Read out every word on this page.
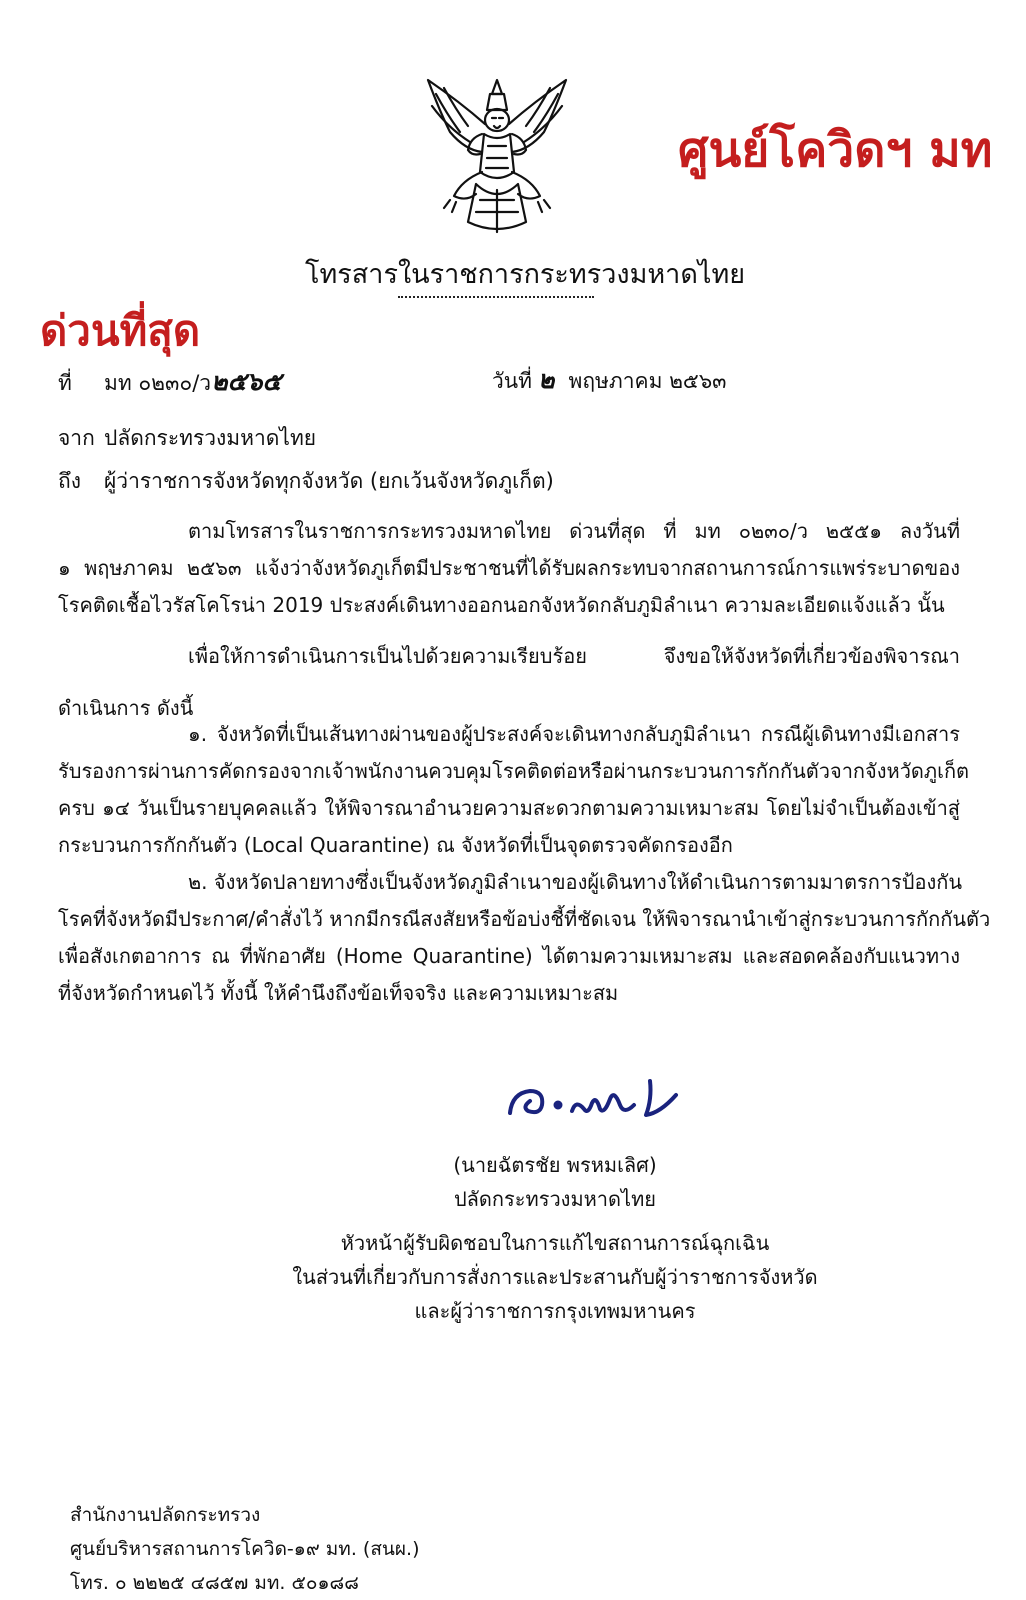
โทรสารในราชการกระทรวงมหาดไทย
ด่วนที่สุด
ศูนย์โควิดฯ มท
ที่ มท ๐๒๓๐/ว๒๕๖๕	วันที่ ๒ พฤษภาคม ๒๕๖๓
จาก ปลัดกระทรวงมหาดไทย
ถึง ผู้ว่าราชการจังหวัดทุกจังหวัด (ยกเว้นจังหวัดภูเก็ต)
ตามโทรสารในราชการกระทรวงมหาดไทย ด่วนที่สุด ที่ มท ๐๒๓๐/ว ๒๕๕๑ ลงวันที่
๑ พฤษภาคม ๒๕๖๓ แจ้งว่าจังหวัดภูเก็ตมีประชาชนที่ได้รับผลกระทบจากสถานการณ์การแพร่ระบาดของ
โรคติดเชื้อไวรัสโคโรน่า 2019 ประสงค์เดินทางออกนอกจังหวัดกลับภูมิลำเนา ความละเอียดแจ้งแล้ว นั้น
เพื่อให้การดำเนินการเป็นไปด้วยความเรียบร้อย จึงขอให้จังหวัดที่เกี่ยวข้องพิจารณา
ดำเนินการ ดังนี้
๑. จังหวัดที่เป็นเส้นทางผ่านของผู้ประสงค์จะเดินทางกลับภูมิลำเนา กรณีผู้เดินทางมีเอกสาร
รับรองการผ่านการคัดกรองจากเจ้าพนักงานควบคุมโรคติดต่อหรือผ่านกระบวนการกักกันตัวจากจังหวัดภูเก็ต
ครบ ๑๔ วันเป็นรายบุคคลแล้ว ให้พิจารณาอำนวยความสะดวกตามความเหมาะสม โดยไม่จำเป็นต้องเข้าสู่
กระบวนการกักกันตัว (Local Quarantine) ณ จังหวัดที่เป็นจุดตรวจคัดกรองอีก
๒. จังหวัดปลายทางซึ่งเป็นจังหวัดภูมิลำเนาของผู้เดินทางให้ดำเนินการตามมาตรการป้องกัน
โรคที่จังหวัดมีประกาศ/คำสั่งไว้ หากมีกรณีสงสัยหรือข้อบ่งชี้ที่ชัดเจน ให้พิจารณานำเข้าสู่กระบวนการกักกันตัว
เพื่อสังเกตอาการ ณ ที่พักอาศัย (Home Quarantine) ได้ตามความเหมาะสม และสอดคล้องกับแนวทาง
ที่จังหวัดกำหนดไว้ ทั้งนี้ ให้คำนึงถึงข้อเท็จจริง และความเหมาะสม
(นายฉัตรชัย พรหมเลิศ)
ปลัดกระทรวงมหาดไทย
หัวหน้าผู้รับผิดชอบในการแก้ไขสถานการณ์ฉุกเฉิน
ในส่วนที่เกี่ยวกับการสั่งการและประสานกับผู้ว่าราชการจังหวัด
และผู้ว่าราชการกรุงเทพมหานคร
สำนักงานปลัดกระทรวง
ศูนย์บริหารสถานการโควิด-๑๙ มท. (สนผ.)
โทร. ๐ ๒๒๒๕ ๔๘๕๗ มท. ๕๐๑๘๘
